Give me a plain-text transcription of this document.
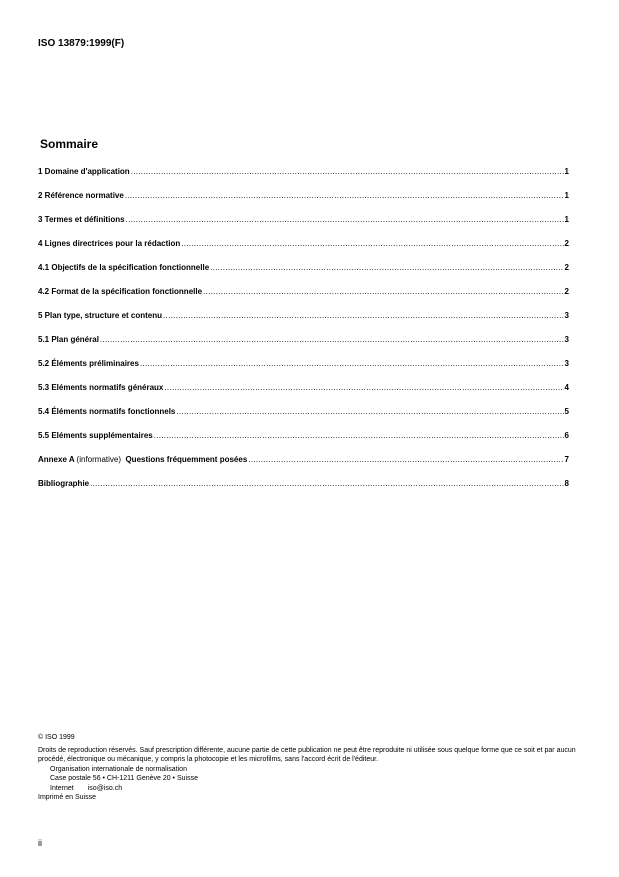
ISO 13879:1999(F)
Sommaire
1 Domaine d'application .....	1
2 Référence normative .....	1
3 Termes et définitions .....	1
4 Lignes directrices pour la rédaction .....	2
4.1 Objectifs de la spécification fonctionnelle .....	2
4.2 Format de la spécification fonctionnelle .....	2
5 Plan type, structure et contenu .....	3
5.1 Plan général .....	3
5.2 Éléments préliminaires .....	3
5.3 Eléments normatifs généraux .....	4
5.4 Éléments normatifs fonctionnels .....	5
5.5 Eléments supplémentaires .....	6
Annexe A (informative) Questions fréquemment posées .....	7
Bibliographie .....	8

© ISO 1999

Droits de reproduction réservés. Sauf prescription différente, aucune partie de cette publication ne peut être reproduite ni utilisée sous quelque forme que ce soit et par aucun procédé, électronique ou mécanique, y compris la photocopie et les microfilms, sans l'accord écrit de l'éditeur.

Organisation internationale de normalisation

Case postale 56 • CH-1211 Genève 20 • Suisse

Internet iso@iso.ch

Imprimé en Suisse

ii
